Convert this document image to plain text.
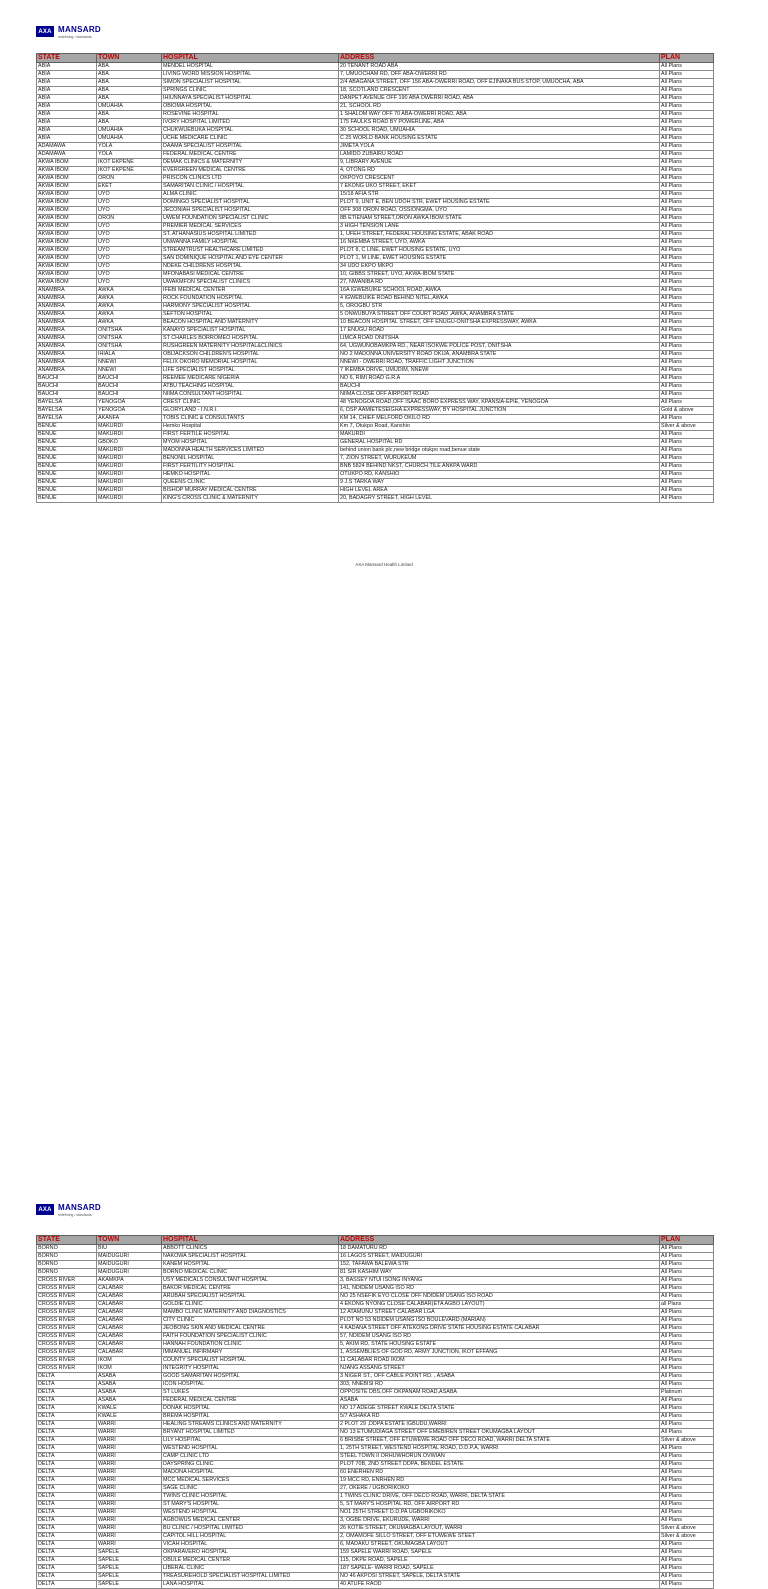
AXA MANSARD
redefining / standards
STATE	TOWN	HOSPITAL	ADDRESS	PLAN
ABIA	ABA	MENDEL HOSPITAL	20 TENANT ROAD ABA	All Plans
ABIA	ABA	LIVING WORD MISSION HOSPITAL	7, UMUOCHAM RD, OFF ABA-OWERRI RD	All Plans
ABIA	ABA	SIMON SPECIALIST HOSPITAL	2/4 ABAGANA STREET, OFF 156 ABA-OWERRI ROAD, OFF EJINAKA BUS STOP, UMUOCHA, ABA	All Plans
ABIA	ABA	SPRINGS CLINIC	18, SCOTLAND CRESCENT	All Plans
ABIA	ABA	IHIUNNAYA SPECIALIST HOSPITAL	DANPET AVENUE OFF 190 ABA OWERRI ROAD, ABA	All Plans
ABIA	UMUAHIA	OBIOMA HOSPITAL	21, SCHOOL RD	All Plans
ABIA	ABA	ROSEVINE HOSPITAL	1 SHALOM WAY OFF 70 ABA-OWERRI ROAD, ABA	All Plans
ABIA	ABA	IVORY HOSPITAL LIMITED	175 FAULKS ROAD BY POWERLINE, ABA	All Plans
ABIA	UMUAHIA	CHUKWUEBUKA HOSPITAL	30 SCHOOL ROAD, UMUAHIA	All Plans
ABIA	UMUAHIA	UCHE MEDICARE CLINIC	C 25 WORLD BANK HOUSING ESTATE	All Plans
ADAMAWA	YOLA	DAAMA SPECIALIST HOSPITAL	JIMETA YOLA	All Plans
ADAMAWA	YOLA	FEDERAL MEDICAL CENTRE	LAMIDO ZUBAIRU ROAD	All Plans
AKWA IBOM	IKOT EKPENE	DEMAK CLINICS & MATERNITY	9, LIBRARY AVENUE	All Plans
AKWA IBOM	IKOT EKPENE	EVERGREEN MEDICAL CENTRE	4, OTONG RD	All Plans
AKWA IBOM	ORON	PRISCON CLINICS LTD	OKPOYO CRESCENT	All Plans
AKWA IBOM	EKET	SAMARITAN CLINIC / HOSPITAL	7 EKONG UKO STREET, EKET	All Plans
AKWA IBOM	UYO	ALMA CLINIC	15/18 AFIA STR	All Plans
AKWA IBOM	UYO	DOMINGO SPECIALIST HOSPITAL	PLOT 9, UNIT E, BEN UDOH STR, EWET HOUSING ESTATE	All Plans
AKWA IBOM	UYO	JECONIAH SPECIALIST HOSPITAL	OFF 308 ORON ROAD, OSSIONGMA, UYO	All Plans
AKWA IBOM	ORON	UWEM FOUNDATION SPECIALIST CLINIC	8B ETIENAM STREET,ORON AWKA IBOM STATE	All Plans
AKWA IBOM	UYO	PREMIER MEDICAL SERVICES	3 HIGH TENSION LANE	All Plans
AKWA IBOM	UYO	ST. ATHANASIUS HOSPITAL LIMITED	1, UFEH STREET, FEDERAL HOUSING ESTATE, ABAK ROAD	All Plans
AKWA IBOM	UYO	UNWANNA FAMILY HOSPITAL	16 NKEMBA STREET, UYO, AWKA	All Plans
AKWA IBOM	UYO	STREAMTRUST HEALTHCARE LIMITED	PLOT 8, C LINE, EWET HOUSING ESTATE, UYO	All Plans
AKWA IBOM	UYO	SAN DOMINIQUE HOSPITAL AND EYE CENTER	PLOT 1, M LINE, EWET HOUSING ESTATE	All Plans
AKWA IBOM	UYO	NDEKE CHILDRENS HOSPITAL	34 UDO EKPO MKPO	All Plans
AKWA IBOM	UYO	MFONABASI MEDICAL CENTRE	10, GIBBS STREET, UYO, AKWA-IBOM STATE	All Plans
AKWA IBOM	UYO	UWAKMFON SPECIALIST CLINICS	27, NWANIBA RD	All Plans
ANAMBRA	AWKA	IFEBI MEDICAL CENTER	16A IGWEBUIKE SCHOOL ROAD, AWKA	All Plans
ANAMBRA	AWKA	ROCK FOUNDATION HOSPITAL	4 IGWEBUIKE ROAD BEHIND NITEL,AWKA	All Plans
ANAMBRA	AWKA	HARMONY SPECIALIST HOSPITAL	5, OROGBU STR	All Plans
ANAMBRA	AWKA	SEFTON HOSPITAL	5 ONWUBUYA STREET OFF COURT ROAD ,AWKA, ANAMBRA STATE	All Plans
ANAMBRA	AWKA	BEACON HOSPITAL AND MATERNITY	10 BEACON HOSPITAL STREET, OFF ENUGU-ONITSHA EXPRESSWAY, AWKA	All Plans
ANAMBRA	ONITSHA	KANAYO SPECIALIST HOSPITAL	17 ENUGU ROAD	All Plans
ANAMBRA	ONITSHA	ST CHARLES BORROMEO HOSPITAL	LIMCA ROAD ONITSHA	All Plans
ANAMBRA	ONITSHA	RUSHGREEN MATERNITY HOSPITAL&CLINICS	64, UGWUNOBAMKPA RD., NEAR ISOKWE POLICE POST, ONITSHA	All Plans
ANAMBRA	IHIALA	OBIJACKSON CHILDREN'S HOSPITAL	NO 2 MADONNA UNIVERSITY ROAD OKIJA, ANAMBRA STATE	All Plans
ANAMBRA	NNEWI	FELIX OKORO MEMORIAL HOSPITAL	NNEWI - OWERRI ROAD, TRAFFIC LIGHT JUNCTION	All Plans
ANAMBRA	NNEWI	LIFE SPECIALIST HOSPITAL	7 IKEMBA DRIVE, UMUDIM, NNEWI	All Plans
BAUCHI	BAUCHI	REEMEE MEDICARE NIGERIA	NO 6, RIMI ROAD G.R.A	All Plans
BAUCHI	BAUCHI	ATBU TEACHING HOSPITAL	BAUCHI	All Plans
BAUCHI	BAUCHI	NIIMA CONSULTANT HOSPITAL	NIIMA CLOSE OFF AIRPORT ROAD	All Plans
BAYELSA	YENOGOA	CREST CLINIC	48 YENOGOA ROAD,OFF ISAAC BORO EXPRESS WAY, KPANSIA-EPIE, YENOGOA	All Plans
BAYELSA	YENOGOA	GLORYLAND - I.N.R.I.	6, DSP AAMIETESEIGHA EXPRESSWAY, BY HOSPITAL JUNCTION	Gold & above
BAYELSA	AKANFA	TOBIS CLINIC & CONSULTANTS	KM 14, CHIEF MELFORD OKILO RD	All Plans
BENUE	MAKURDI	Hemko Hospital	Km 7, Otukpo Road, Kanshio	Silver & above
BENUE	MAKURDI	FIRST FERTILE HOSPITAL	MAKURDI	All Plans
BENUE	GBOKO	MYOM HOSPITAL	GENERAL HOSPITAL RD	All Plans
BENUE	MAKURDI	MADONNA HEALTH SERVICES LIMITED	behind union bank plc,new bridge otukpo road,benue state	All Plans
BENUE	MAKURDI	BENONIL HOSPITAL	7, ZION STREET, WURUKEUM	All Plans
BENUE	MAKURDI	FIRST FERTILITY HOSPITAL	BNB 5824 BEHIND NKST, CHURCH TILE ANKPA WARD	All Plans
BENUE	MAKURDI	HEMKO HOSPITAL	OTUKPO RD, KANSHIO	All Plans
BENUE	MAKURDI	QUEENS CLINIC	9 J.S TARKA WAY	All Plans
BENUE	MAKURDI	BISHOP MURRAY MEDICAL CENTRE	HIGH LEVEL AREA	All Plans
BENUE	MAKURDI	KING'S CROSS CLINIC & MATERNITY	20, BADAGRY STREET, HIGH LEVEL	All Plans
AXA Mansard Health Limited
AXA MANSARD
redefining / standards
STATE	TOWN	HOSPITAL	ADDRESS	PLAN
BORNO	BIU	ABBOTT CLINICS	18 DAMATURU RD	All Plans
BORNO	MAIDUGURI	NAKOWA SPECIALIST HOSPITAL	16 LAGOS STREET, MAIDUGURI	All Plans
BORNO	MAIDUGURI	KANEM HOSPITAL	152, TAFAWA BALEWA STR	All Plans
BORNO	MAIDUGURI	BORNO MEDICAL CLINIC	81 SIR KASHIM WAY	All Plans
CROSS RIVER	AKAMKPA	USY MEDICALS CONSULTANT HOSPITAL	3, BASSEY NTUI ISONG INYANG	All Plans
CROSS RIVER	CALABAR	BAKOR MEDICAL CENTRE	141, NDIDEM USANG ISO RD	All Plans
CROSS RIVER	CALABAR	ARUBAH SPECIALIST HOSPITAL	NO 25 NSEFIK EYO CLOSE OFF NDIDEM USANG ISO ROAD	All Plans
CROSS RIVER	CALABAR	GOLDIE CLINIC	4 EKONG NYONG CLOSE CALABAR(ETA AGBO LAYOUT)	all Plans
CROSS RIVER	CALABAR	MAMBO CLINIC MATERNITY AND DIAGNOSTICS	12 ATAMUNU STREET CALABAR LGA	All Plans
CROSS RIVER	CALABAR	CITY CLINIC	PLOT NO 53 NDIDEM USANG ISO BOULEVARD (MARIAN)	All Plans
CROSS RIVER	CALABAR	JEOBONG SKIN AND MEDICAL CENTRE	4 KADANA STREET OFF ATEKONG DRIVE STATE HOUSING ESTATE CALABAR	All Plans
CROSS RIVER	CALABAR	FAITH FOUNDATION SPECIALIST CLINIC	57, NDIDEM USANG ISO RD	All Plans
CROSS RIVER	CALABAR	HANNAH FOUNDATION CLINIC	5, AKIM RD, STATE HOUSING ESTATE	All Plans
CROSS RIVER	CALABAR	IMMANUEL INFIRMARY	1, ASSEMBLIES OF GOD RD, ARMY JUNCTION, IKOT EFFANG	All Plans
CROSS RIVER	IKOM	COUNTY SPECIALIST HOSPITAL	11 CALABAR ROAD IKOM	All Plans
CROSS RIVER	IKOM	INTEGRITY HOSPITAL	NJANG ASSANG STREET	All Plans
DELTA	ASABA	GOOD SAMARITAN HOSPITAL	3 NIGER ST., OFF CABLE POINT RD. , ASABA	All Plans
DELTA	ASABA	ICON HOSPITAL	303, NNEBISI RD	All Plans
DELTA	ASABA	ST LUKES	OPPOSITE DBS,OFF OKPANAM ROAD,ASABA	Platinum
DELTA	ASABA	FEDERAL MEDICAL CENTRE	ASABA	All Plans
DELTA	KWALE	DONAK HOSPITAL	NO 17 ADEGE STREET KWALE DELTA STATE	All Plans
DELTA	KWALE	BREMA HOSPITAL	5/7 ASHAKA RD	All Plans
DELTA	WARRI	HEALING STREAMS CLINICS AND MATERNITY	2 PLOT 29 ,DDPA ESTATE IGBUDU,WARRI	All Plans
DELTA	WARRI	BRYANT HOSPITAL LIMITED	NO 13 ETUMUDIAGA STREET OFF EMEBIREN STREET OKUMAGBA LAYOUT	All Plans
DELTA	WARRI	LILY HOSPITAL	6 BRISBE STREET, OFF ETUWEWE ROAD OFF DECO ROAD, WARRI DELTA STATE	Silver & above
DELTA	WARRI	WESTEND HOSPITAL	1, 25TH STREET, WESTEND HOSPITAL ROAD, D.D.P.A, WARRI	All Plans
DELTA	WARRI	CAMP CLINIC LTD	STEEL TOWN II ORHUWHORUN OVWIAN	All Plans
DELTA	WARRI	DAYSPRING CLINIC	PLOT 70B, 2ND STREET DDPA, BENDEL ESTATE	All Plans
DELTA	WARRI	MADONA HOSPITAL	60 ENERHEN RD	All Plans
DELTA	WARRI	MCC MEDICAL SERVICES	19 MCC RD, ENRHEN RD	All Plans
DELTA	WARRI	SAGE CLINIC	27, OKERE / UGBORIKOKO	All Plans
DELTA	WARRI	TWINS CLINIC HOSPITAL	1 TWINS CLINIC DRIVE, OFF DECO ROAD, WARRI, DELTA STATE	All Plans
DELTA	WARRI	ST MARY'S HOSPITAL	5, ST MARY'S HOSPITAL RD, OFF AIRPORT RD	All Plans
DELTA	WARRI	WESTEND HOSPITAL	NO1 25TH STREET D.D.PA UGBORIKOKO	All Plans
DELTA	WARRI	AGBOWUS MEDICAL CENTER	3, OGBE DRIVE, EKURUDE, WARRI	All Plans
DELTA	WARRI	BU CLINIC / HOSPITAL LIMITED	26 KOTIE STREET, OKUMAGBA LAYOUT, WARRI	Silver & above
DELTA	WARRI	CAPITOL HILL HOSPITAL	2, OMAMOFE SILLO STREET, OFF ETUWEWE STEET	Silver & above
DELTA	WARRI	VICAH HOSPITAL	6, MADAKU STREET, OKUMAGBA LAYOUT	All Plans
DELTA	SAPELE	OKPARAVERO HOSPITAL	159 SAPELE WARRI ROAD, SAPELE	All Plans
DELTA	SAPELE	OBULE MEDICAL CENTER	115, OKPE ROAD, SAPELE	All Plans
DELTA	SAPELE	LIBERAL CLINIC	187 SAPELE- WARRI ROAD, SAPELE	All Plans
DELTA	SAPELE	TREASUREHOLD SPECIALIST HOSPITAL LIMITED	NO 46 AKPOSI STREET, SAPELE, DELTA STATE	All Plans
DELTA	SAPELE	LANA HOSPITAL	40 ATUFE RAOD	All Plans
